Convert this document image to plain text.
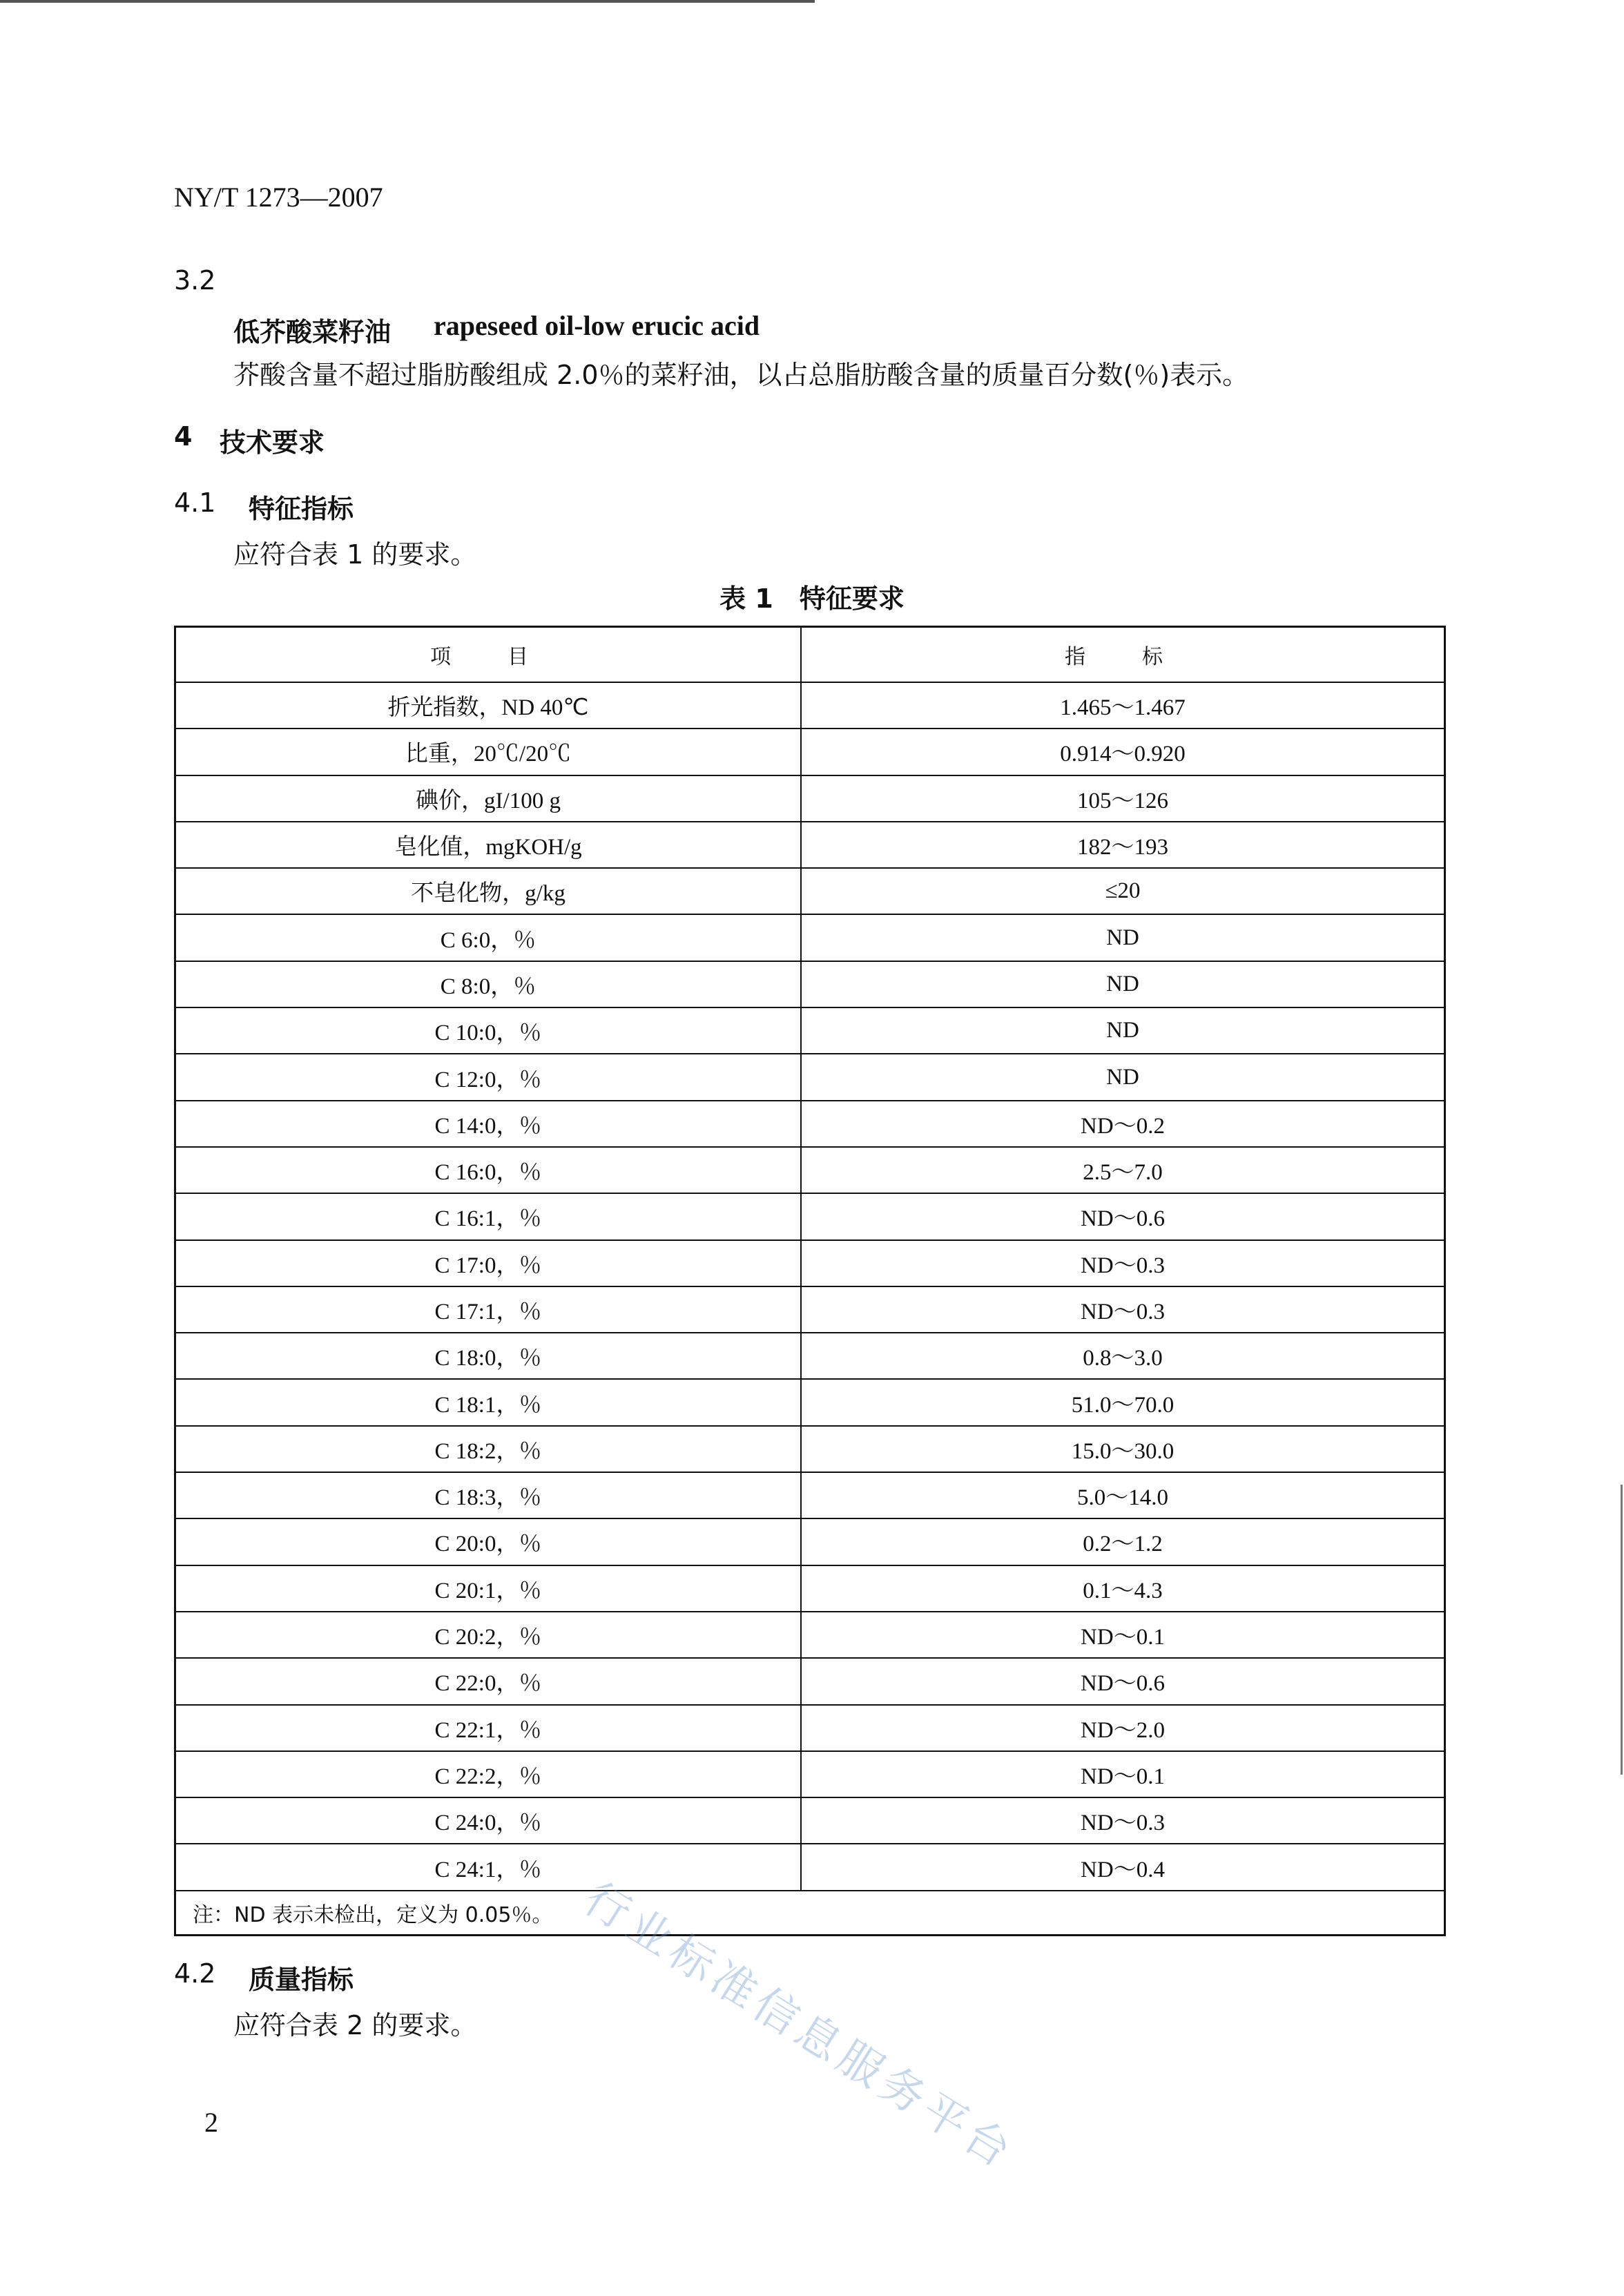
NY/T 1273—2007
3.2
低芥酸菜籽油 rapeseed oil-low erucic acid
芥酸含量不超过脂肪酸组成 2.0％的菜籽油，以占总脂肪酸含量的质量百分数(％)表示。
4 技术要求
4.1 特征指标
应符合表 1 的要求。
表 1　特征要求
项　目	指　标
折光指数，ND 40℃	1.465～1.467
比重，20℃/20℃	0.914～0.920
碘价，gI/100 g	105～126
皂化值，mgKOH/g	182～193
不皂化物，g/kg	≤20
C 6:0，％	ND
C 8:0，％	ND
C 10:0，％	ND
C 12:0，％	ND
C 14:0，％	ND～0.2
C 16:0，％	2.5～7.0
C 16:1，％	ND～0.6
C 17:0，％	ND～0.3
C 17:1，％	ND～0.3
C 18:0，％	0.8～3.0
C 18:1，％	51.0～70.0
C 18:2，％	15.0～30.0
C 18:3，％	5.0～14.0
C 20:0，％	0.2～1.2
C 20:1，％	0.1～4.3
C 20:2，％	ND～0.1
C 22:0，％	ND～0.6
C 22:1，％	ND～2.0
C 22:2，％	ND～0.1
C 24:0，％	ND～0.3
C 24:1，％	ND～0.4
注：ND 表示未检出，定义为 0.05％。	
4.2 质量指标
应符合表 2 的要求。 行业标准信息服务平台
2
